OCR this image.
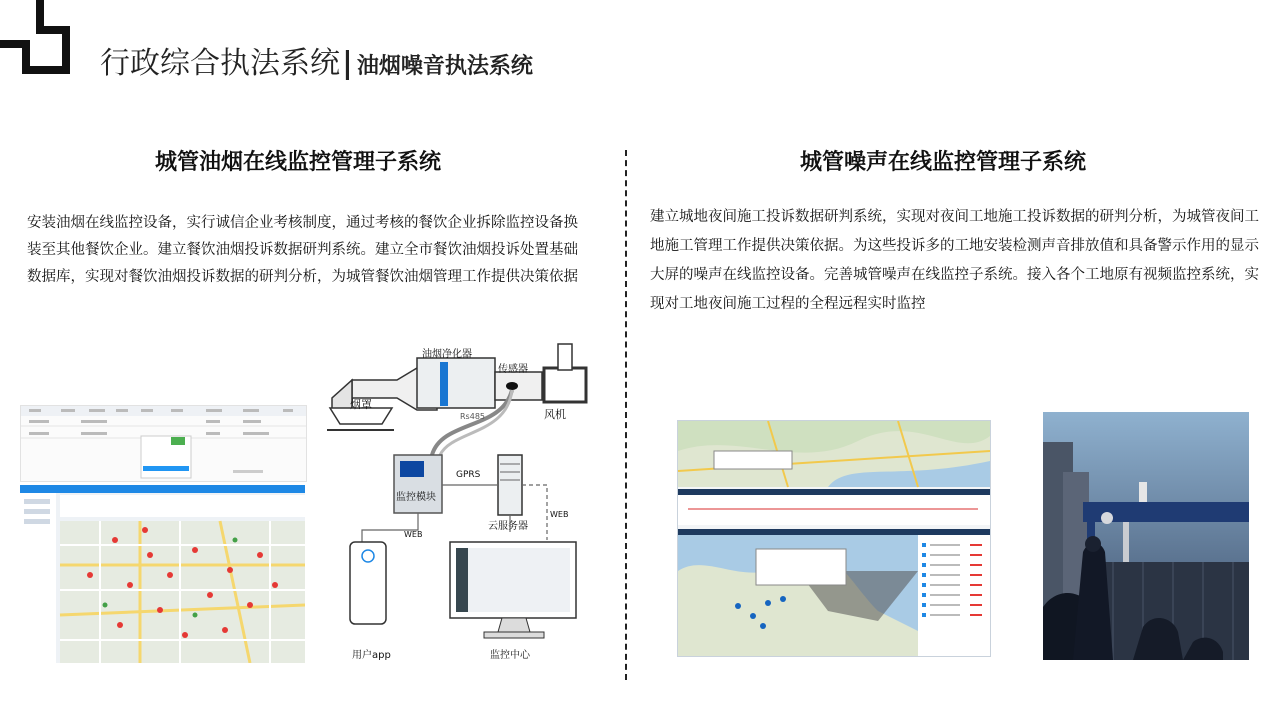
行政综合执法系统| 油烟噪音执法系统
城管油烟在线监控管理子系统
安装油烟在线监控设备，实行诚信企业考核制度，通过考核的餐饮企业拆除监控设备换装至其他餐饮企业。建立餐饮油烟投诉数据研判系统。建立全市餐饮油烟投诉处置基础数据库，实现对餐饮油烟投诉数据的研判分析，为城管餐饮油烟管理工作提供决策依据
油烟净化器
传感器
烟罩
风机
Rs485
GPRS
监控模块
云服务器
WEB
WEB
用户app	监控中心
城管噪声在线监控管理子系统
建立城地夜间施工投诉数据研判系统，实现对夜间工地施工投诉数据的研判分析，为城管夜间工地施工管理工作提供决策依据。为这些投诉多的工地安装检测声音排放值和具备警示作用的显示大屏的噪声在线监控设备。完善城管噪声在线监控子系统。接入各个工地原有视频监控系统，实现对工地夜间施工过程的全程远程实时监控
